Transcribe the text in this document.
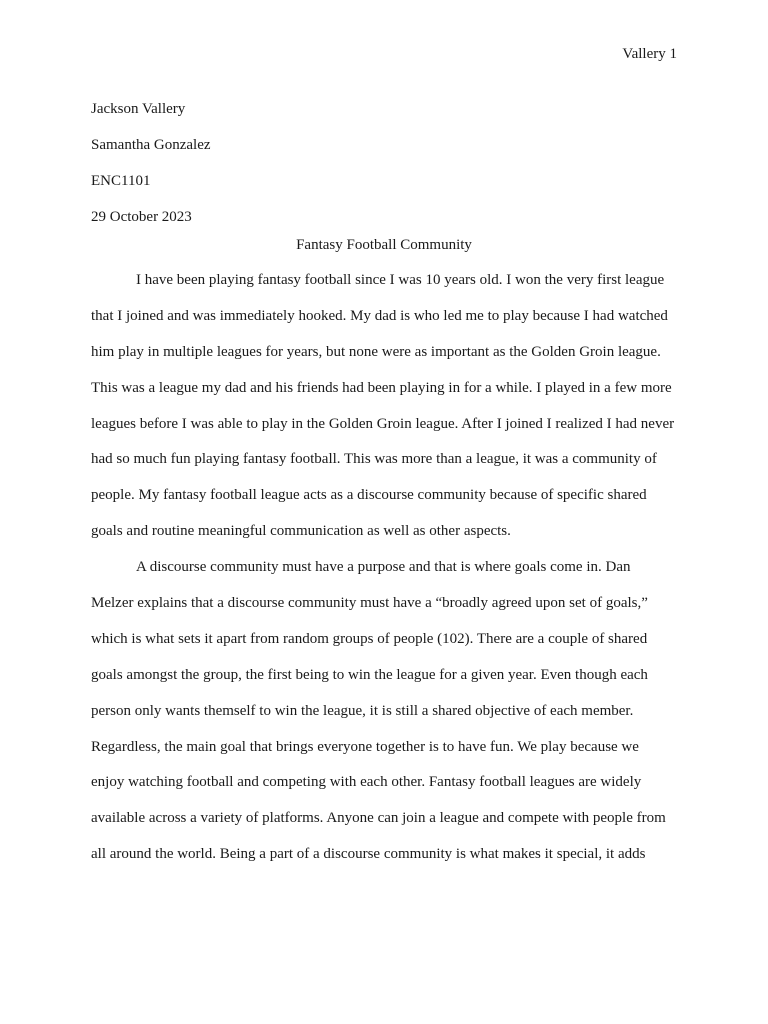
Vallery 1
Jackson Vallery
Samantha Gonzalez
ENC1101
29 October 2023
Fantasy Football Community
I have been playing fantasy football since I was 10 years old. I won the very first league
that I joined and was immediately hooked. My dad is who led me to play because I had watched
him play in multiple leagues for years, but none were as important as the Golden Groin league.
This was a league my dad and his friends had been playing in for a while. I played in a few more
leagues before I was able to play in the Golden Groin league. After I joined I realized I had never
had so much fun playing fantasy football. This was more than a league, it was a community of
people. My fantasy football league acts as a discourse community because of specific shared
goals and routine meaningful communication as well as other aspects.
A discourse community must have a purpose and that is where goals come in. Dan
Melzer explains that a discourse community must have a “broadly agreed upon set of goals,”
which is what sets it apart from random groups of people (102). There are a couple of shared
goals amongst the group, the first being to win the league for a given year. Even though each
person only wants themself to win the league, it is still a shared objective of each member.
Regardless, the main goal that brings everyone together is to have fun. We play because we
enjoy watching football and competing with each other. Fantasy football leagues are widely
available across a variety of platforms. Anyone can join a league and compete with people from
all around the world. Being a part of a discourse community is what makes it special, it adds
